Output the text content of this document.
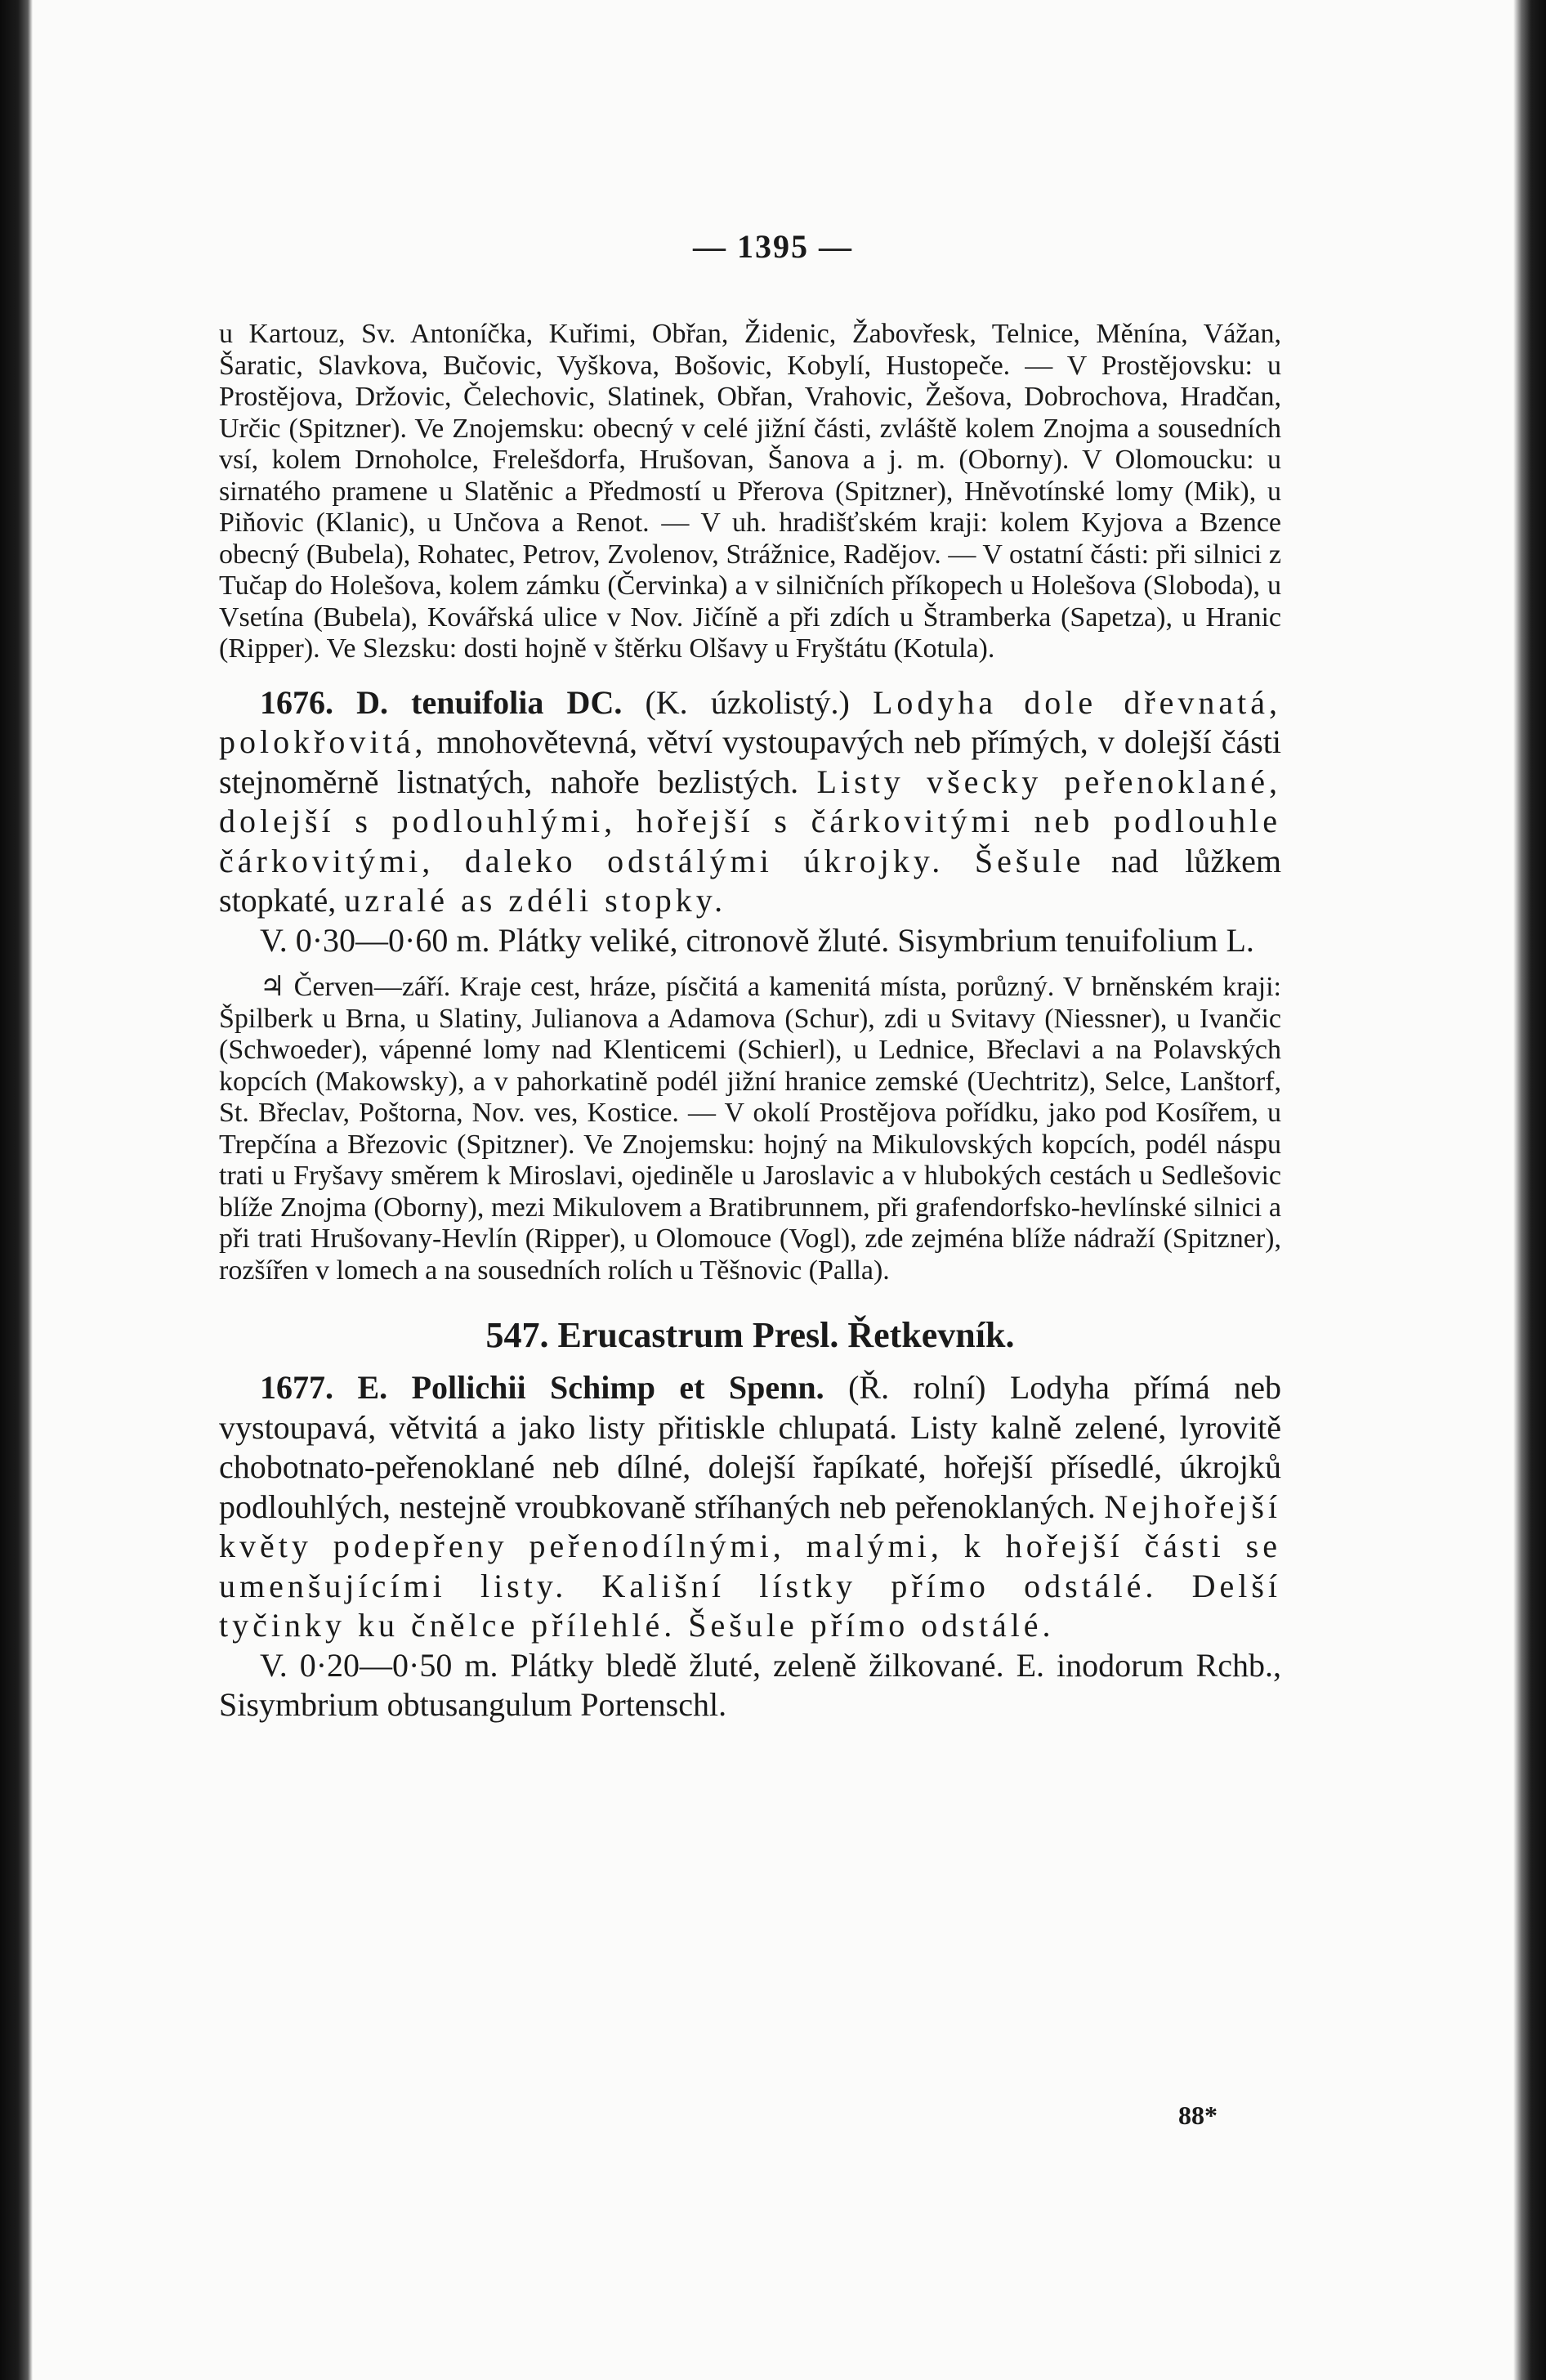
— 1395 —

u Kartouz, Sv. Antoníčka, Kuřimi, Obřan, Židenic, Žabovřesk, Telnice, Měnína, Vážan, Šaratic, Slavkova, Bučovic, Vyškova, Bošovic, Kobylí, Hustopeče. — V Prostějovsku: u Prostějova, Držovic, Čelechovic, Slatinek, Obřan, Vrahovic, Žešova, Dobrochova, Hradčan, Určic (Spitzner). Ve Znojemsku: obecný v celé jižní části, zvláště kolem Znojma a sousedních vsí, kolem Drnoholce, Frelešdorfa, Hrušovan, Šanova a j. m. (Oborny). V Olomoucku: u sirnatého pramene u Slatěnic a Předmostí u Přerova (Spitzner), Hněvotínské lomy (Mik), u Piňovic (Klanic), u Unčova a Renot. — V uh. hradišťském kraji: kolem Kyjova a Bzence obecný (Bubela), Rohatec, Petrov, Zvolenov, Strážnice, Radějov. — V ostatní části: při silnici z Tučap do Holešova, kolem zámku (Červinka) a v silničních příkopech u Holešova (Sloboda), u Vsetína (Bubela), Kovářská ulice v Nov. Jičíně a při zdích u Štramberka (Sapetza), u Hranic (Ripper). Ve Slezsku: dosti hojně v štěrku Olšavy u Fryštátu (Kotula).

1676. D. tenuifolia DC. (K. úzkolistý.) Lodyha dole dřevnatá, polokřovitá, mnohovětevná, větví vystoupavých neb přímých, v dolejší části stejnoměrně listnatých, nahoře bezlistých. Listy všecky peřenoklané, dolejší s podlouhlými, hořejší s čárkovitými neb podlouhle čárkovitými, daleko odstálými úkrojky. Šešule nad lůžkem stopkaté, uzralé as zdéli stopky.

V. 0·30—0·60 m. Plátky veliké, citronově žluté. Sisymbrium tenuifolium L.

♃ Červen—září. Kraje cest, hráze, písčitá a kamenitá místa, porůzný. V brněnském kraji: Špilberk u Brna, u Slatiny, Julianova a Adamova (Schur), zdi u Svitavy (Niessner), u Ivančic (Schwoeder), vápenné lomy nad Klenticemi (Schierl), u Lednice, Břeclavi a na Polavských kopcích (Makowsky), a v pahorkatině podél jižní hranice zemské (Uechtritz), Selce, Lanštorf, St. Břeclav, Poštorna, Nov. ves, Kostice. — V okolí Prostějova pořídku, jako pod Kosířem, u Trepčína a Březovic (Spitzner). Ve Znojemsku: hojný na Mikulovských kopcích, podél náspu trati u Fryšavy směrem k Miroslavi, ojediněle u Jaroslavic a v hlubokých cestách u Sedlešovic blíže Znojma (Oborny), mezi Mikulovem a Bratibrunnem, při grafendorfsko-hevlínské silnici a při trati Hrušovany-Hevlín (Ripper), u Olomouce (Vogl), zde zejména blíže nádraží (Spitzner), rozšířen v lomech a na sousedních rolích u Těšnovic (Palla).

547. Erucastrum Presl. Řetkevník.

1677. E. Pollichii Schimp et Spenn. (Ř. rolní) Lodyha přímá neb vystoupavá, větvitá a jako listy přitiskle chlupatá. Listy kalně zelené, lyrovitě chobotnato-peřenoklané neb dílné, dolejší řapíkaté, hořejší přísedlé, úkrojků podlouhlých, nestejně vroubkovaně stříhaných neb peřenoklaných. Nejhořejší květy podepřeny peřenodílnými, malými, k hořejší části se umenšujícími listy. Kališní lístky přímo odstálé. Delší tyčinky ku čnělce přílehlé. Šešule přímo odstálé.

V. 0·20—0·50 m. Plátky bledě žluté, zeleně žilkované. E. inodorum Rchb., Sisymbrium obtusangulum Portenschl.

88*
